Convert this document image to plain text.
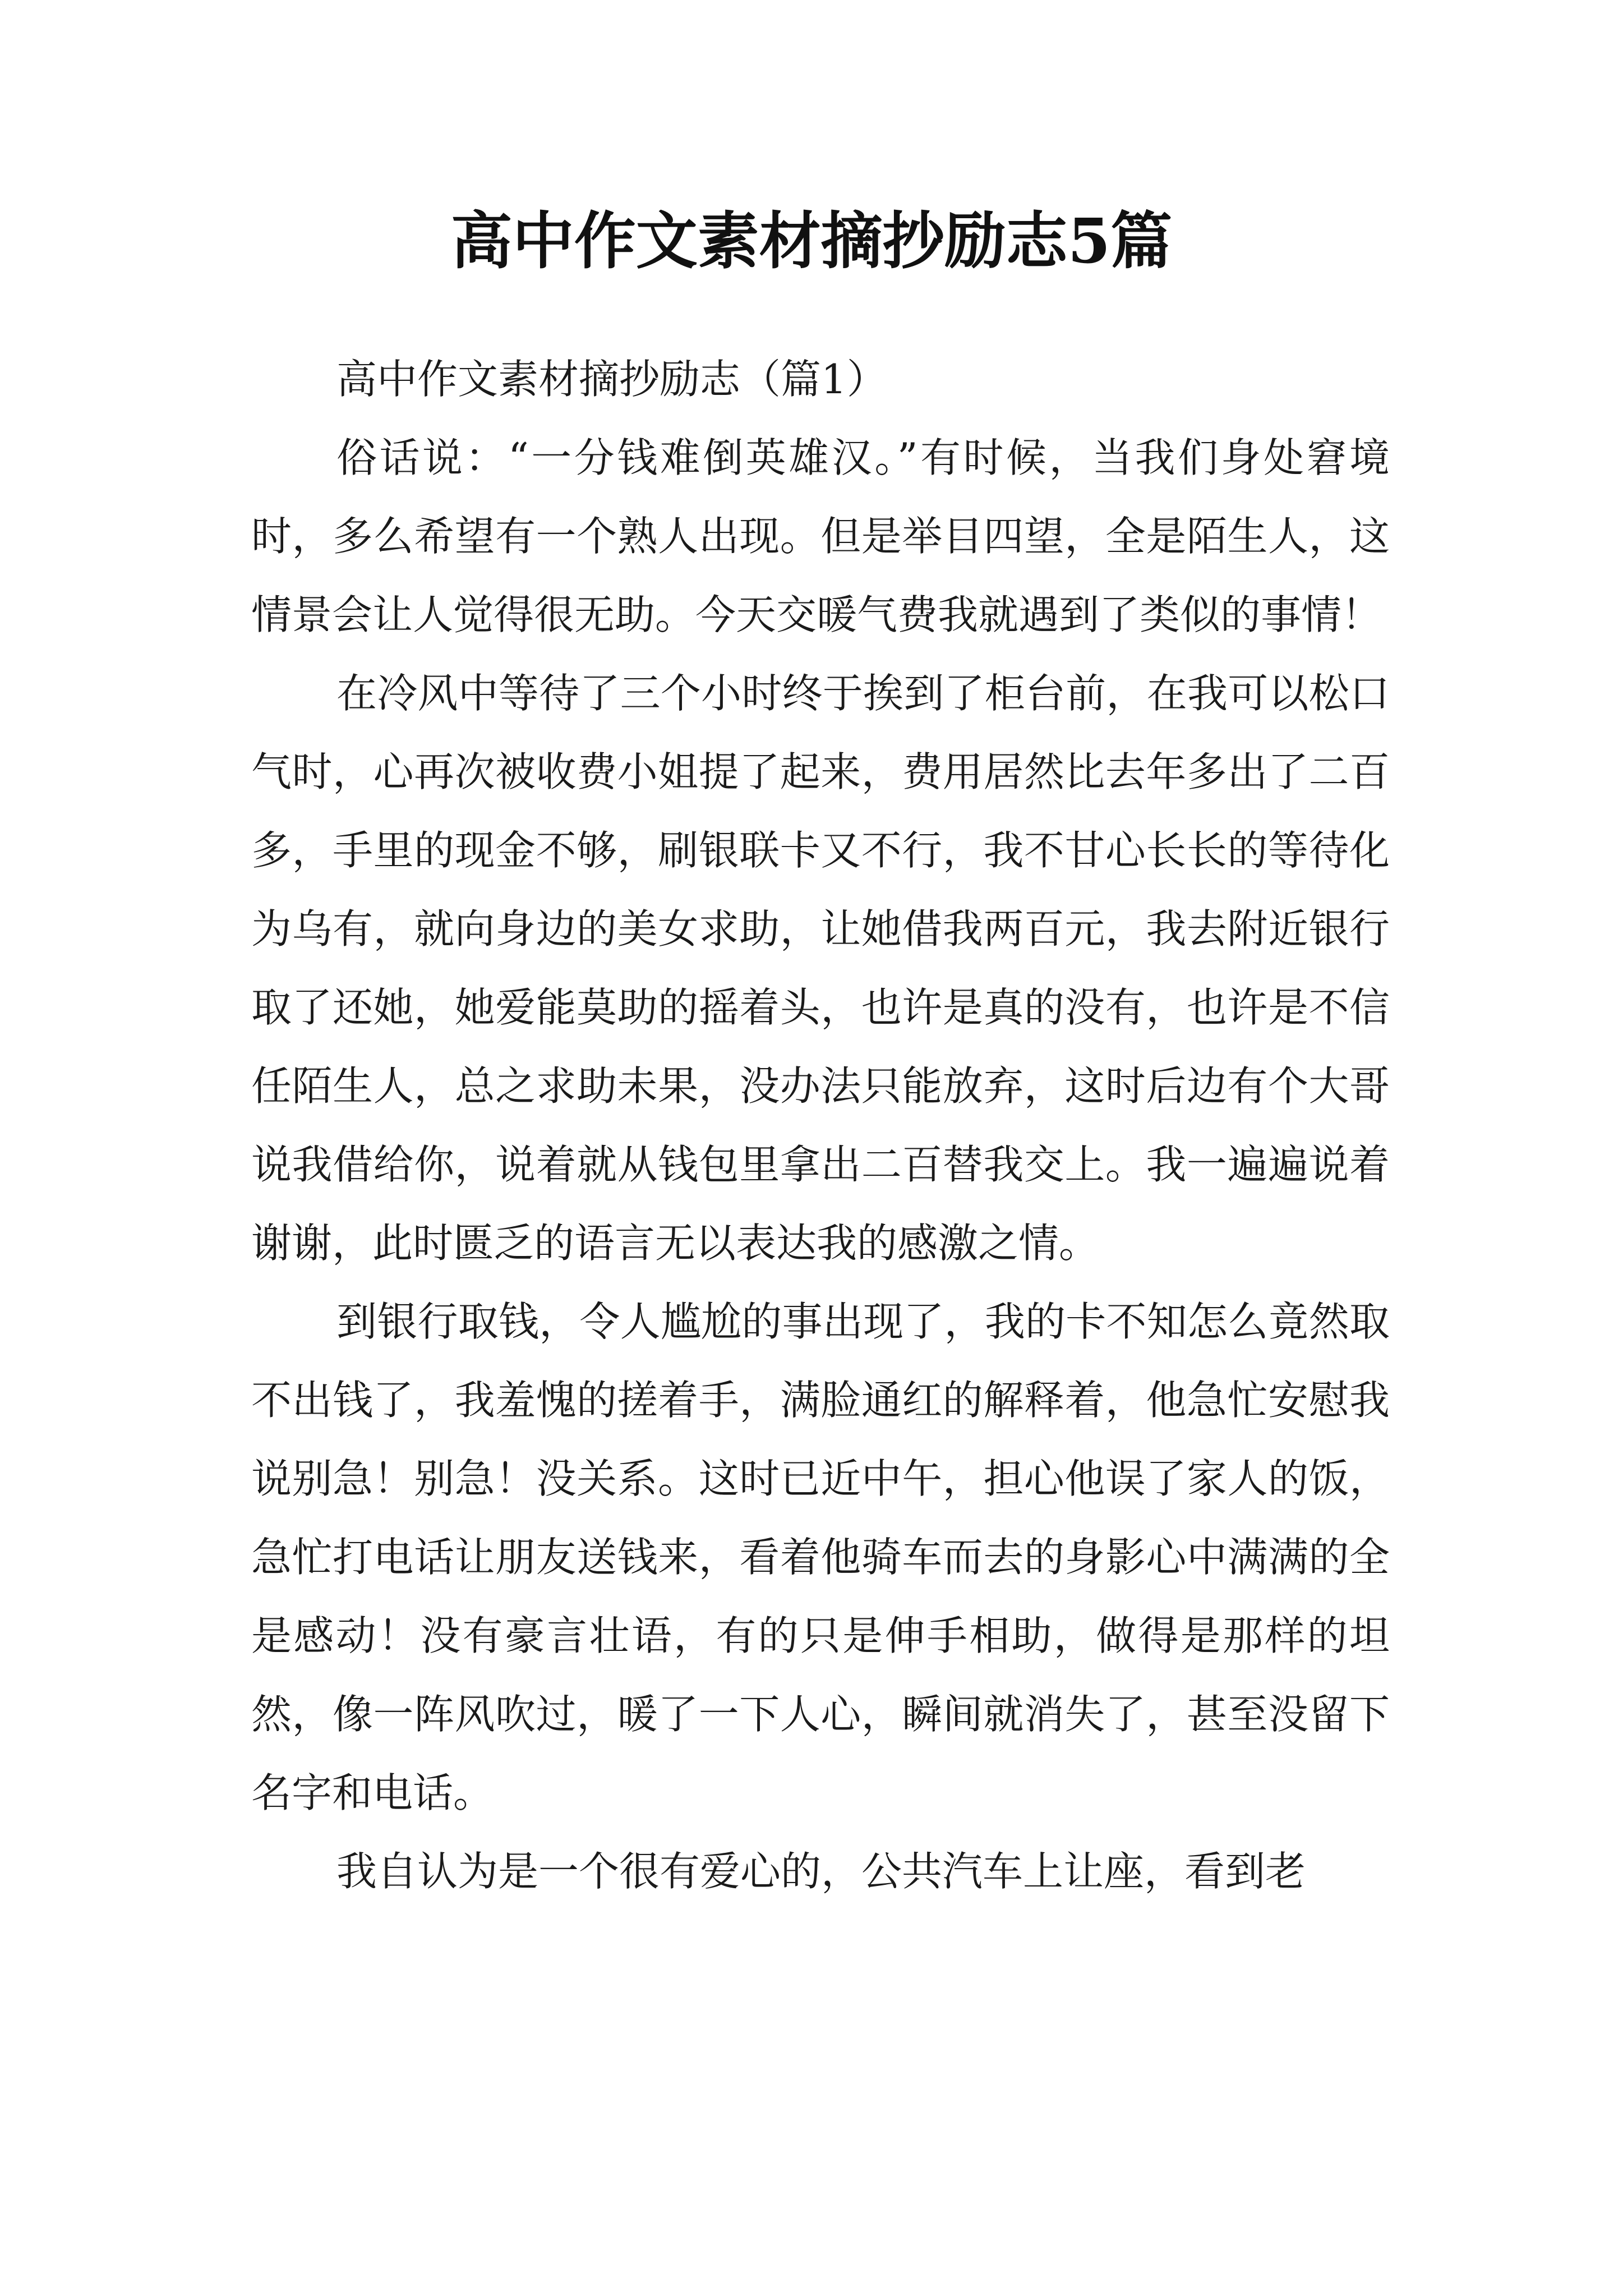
高中作文素材摘抄励志5篇

高中作文素材摘抄励志（篇1）

俗话说：“一分钱难倒英雄汉。”有时候，当我们身处窘境时，多么希望有一个熟人出现。但是举目四望，全是陌生人，这情景会让人觉得很无助。今天交暖气费我就遇到了类似的事情！

在冷风中等待了三个小时终于挨到了柜台前，在我可以松口气时，心再次被收费小姐提了起来，费用居然比去年多出了二百多，手里的现金不够，刷银联卡又不行，我不甘心长长的等待化为乌有，就向身边的美女求助，让她借我两百元，我去附近银行取了还她，她爱能莫助的摇着头，也许是真的没有，也许是不信任陌生人，总之求助未果，没办法只能放弃，这时后边有个大哥说我借给你，说着就从钱包里拿出二百替我交上。我一遍遍说着谢谢，此时匮乏的语言无以表达我的感激之情。

到银行取钱，令人尴尬的事出现了，我的卡不知怎么竟然取不出钱了，我羞愧的搓着手，满脸通红的解释着，他急忙安慰我说别急！别急！没关系。这时已近中午，担心他误了家人的饭，急忙打电话让朋友送钱来，看着他骑车而去的身影心中满满的全是感动！没有豪言壮语，有的只是伸手相助，做得是那样的坦然，像一阵风吹过，暖了一下人心，瞬间就消失了，甚至没留下名字和电话。

我自认为是一个很有爱心的，公共汽车上让座，看到老
